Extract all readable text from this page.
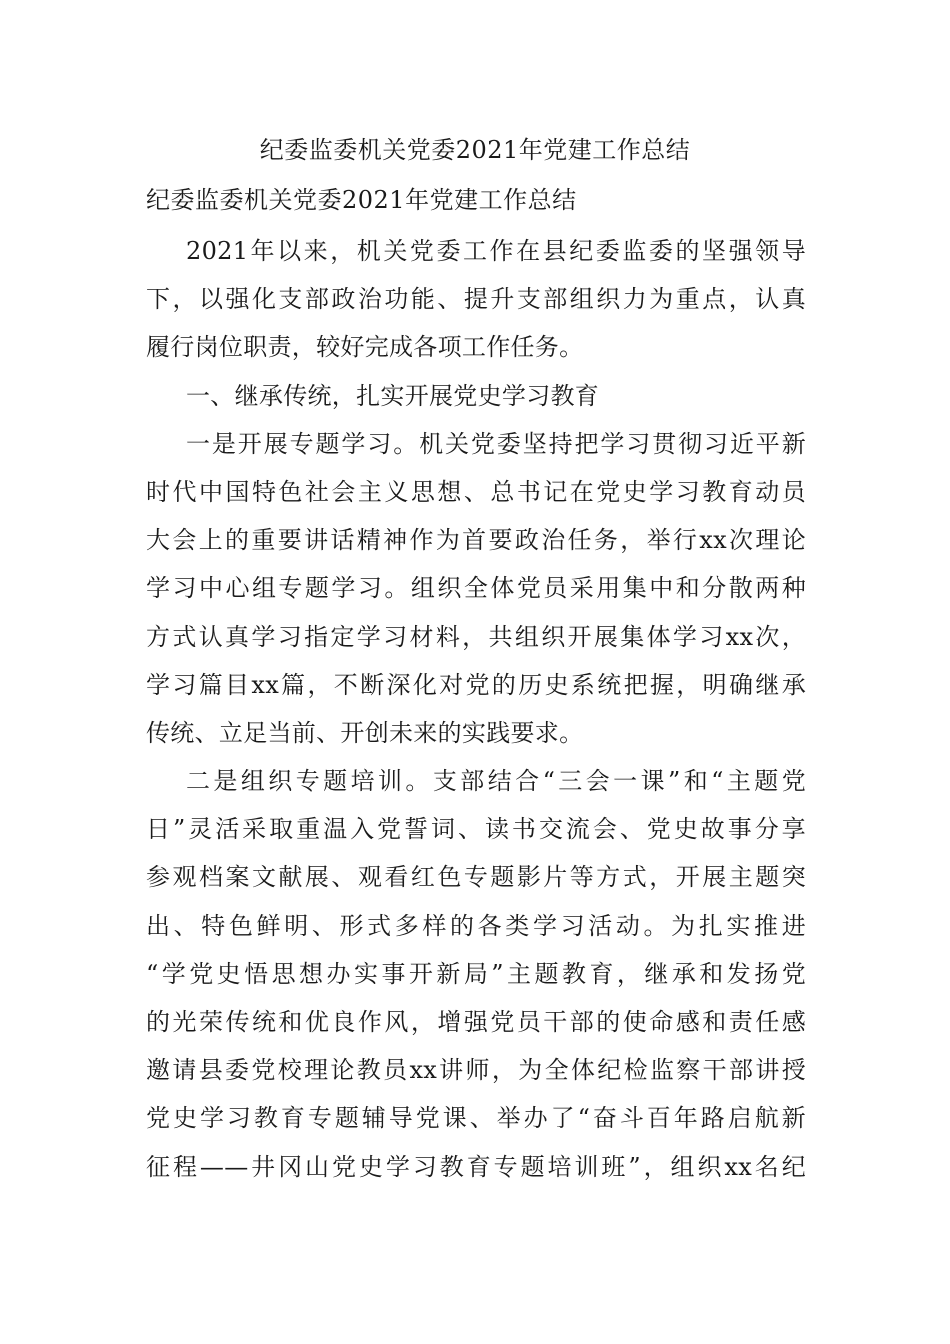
纪委监委机关党委2021年党建工作总结
纪委监委机关党委2021年党建工作总结
2021年以来，机关党委工作在县纪委监委的坚强领导
下，以强化支部政治功能、提升支部组织力为重点，认真
履行岗位职责，较好完成各项工作任务。
一、继承传统，扎实开展党史学习教育
一是开展专题学习。机关党委坚持把学习贯彻习近平新
时代中国特色社会主义思想、总书记在党史学习教育动员
大会上的重要讲话精神作为首要政治任务，举行xx次理论
学习中心组专题学习。组织全体党员采用集中和分散两种
方式认真学习指定学习材料，共组织开展集体学习xx次，
学习篇目xx篇，不断深化对党的历史系统把握，明确继承
传统、立足当前、开创未来的实践要求。
二是组织专题培训。支部结合“三会一课”和“主题党
日”灵活采取重温入党誓词、读书交流会、党史故事分享
参观档案文献展、观看红色专题影片等方式，开展主题突
出、特色鲜明、形式多样的各类学习活动。为扎实推进
“学党史悟思想办实事开新局”主题教育，继承和发扬党
的光荣传统和优良作风，增强党员干部的使命感和责任感
邀请县委党校理论教员xx讲师，为全体纪检监察干部讲授
党史学习教育专题辅导党课、举办了“奋斗百年路启航新
征程——井冈山党史学习教育专题培训班”，组织xx名纪
